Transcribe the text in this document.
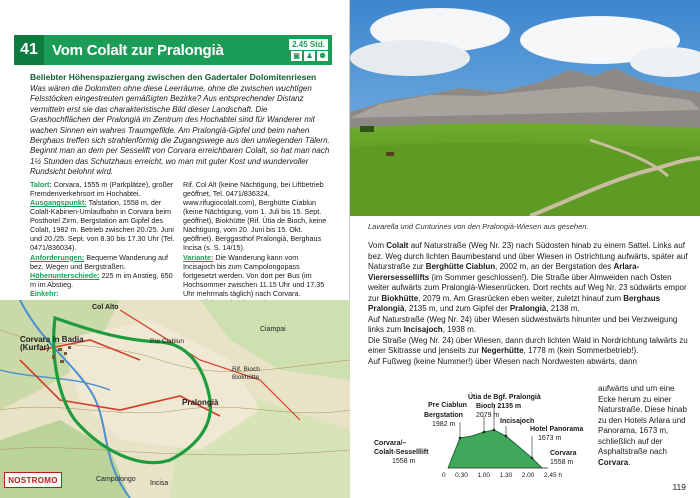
41 Vom Colalt zur Pralongià	2.45 Std.
▣ ♟ ⚉
Beliebter Höhenspaziergang zwischen den Gadertaler Dolomitenriesen
Was wären die Dolomiten ohne diese Leerräume, ohne die zwischen wuchtigen Felsstöcken eingestreuten gemäßigten Bezirke? Aus entsprechender Distanz vermitteln erst sie das charakteristische Bild dieser Landschaft. Die Grashochflächen der Pralongià im Zentrum des Hochabtei sind für Wanderer mit wachen Sinnen ein wahres Traumgefilde. Am Pralongià-Gipfel und beim nahen Berghaus treffen sich strahlenförmig die Zugangswege aus den umliegenden Tälern. Beginnt man an dem per Sesselift von Corvara erreichbaren Colalt, so hat man nach 1½ Stunden das Schutzhaus erreicht, wo man mit guter Kost und wundervoller Rundsicht belohnt wird.
Talort: Corvara, 1555 m (Parkplätze), großer Fremdenverkehrsort im Hochabtei.
Ausgangspunkt: Talstation, 1558 m, der Colalt-Kabinen-Umlaufbahn in Corvara beim Posthotel Zirm. Bergstation am Gipfel des Colalt, 1982 m. Betrieb zwischen 20./25. Juni und 20./25. Sept. von 8.30 bis 17.30 Uhr (Tel. 0471/836034).
Anforderungen: Bequeme Wanderung auf bez. Wegen und Bergstraßen.
Höhenunterschiede: 225 m im Anstieg, 650 m im Abstieg.
Einkehr:
Rif. Col Alt (keine Nächtigung, bei Liftbetrieb geöffnet, Tel. 0471/836324, www.rifugiocolalt.com), Berghütte Ciablun (keine Nächtigung, vom 1. Juli bis 15. Sept. geöffnet), Biokhütte (Rif. Ütia de Bioch, keine Nächtigung, vom 20. Juni bis 15. Okt. geöffnet). Berggasthof Pralongià, Berghaus Incisa (s. S. 14/15).
Variante: Die Wanderung kann vom Incisajoch bis zum Campolongopass fortgesetzt werden. Von dort per Bus (im Hochsommer zwischen 11.15 Uhr und 17.35 Uhr mehrmals täglich) nach Corvara.
Col Alto
Corvara in Badia (Kurfar)
Pralongià
Incisa
Campolongo
Ciampai
Rif. Bioch
Biokhütte
Pre Ciablun
NOSTROMO
Lavarella und Cunturines von den Pralongià-Wiesen aus gesehen.

Vom Colalt auf Naturstraße (Weg Nr. 23) nach Südosten hinab zu einem Sattel. Links auf bez. Weg durch lichten Baumbestand und über Wiesen in Ostrichtung aufwärts, später auf Naturstraße zur Berghütte Ciablun, 2002 m, an der Bergstation des Arlara-Vierersessellifts (im Sommer geschlossen!). Die Straße über Almweiden nach Osten weiter aufwärts zum Pralongià-Wiesenrücken. Dort rechts auf Weg Nr. 23 südwärts empor zur Biokhütte, 2079 m. Am Grasrücken eben weiter, zuletzt hinauf zum Berghaus Pralongià, 2135 m, und zum Gipfel der Pralongià, 2138 m.

Auf Naturstraße (Weg Nr. 24) über Wiesen südwestwärts hinunter und bei Verzweigung links zum Incisajoch, 1938 m.

Die Straße (Weg Nr. 24) über Wiesen, dann durch lichten Wald in Nordrichtung talwärts zu einer Skitrasse und jenseits zur Negerhütte, 1778 m (kein Sommerbetrieb!).

Auf Fußweg (keine Nummer!) über Wiesen nach Nordwesten abwärts, dann

Pre Ciablun
Bergstation
1982 m
Ütia de Bgf. Pralongià
Bioch 2135 m
2079 m
Incisajoch
Hotel Panorama
1673 m
Corvara/–
Colalt-Sesselllift
1558 m
Corvara
1558 m
0 0.30 1.00 1.30 2.00 2.45 h
aufwärts und um eine Ecke herum zu einer Naturstraße. Diese hinab zu den Hotels Arlara und Panorama, 1673 m, schließlich auf der Asphaltstraße nach Corvara.
119
